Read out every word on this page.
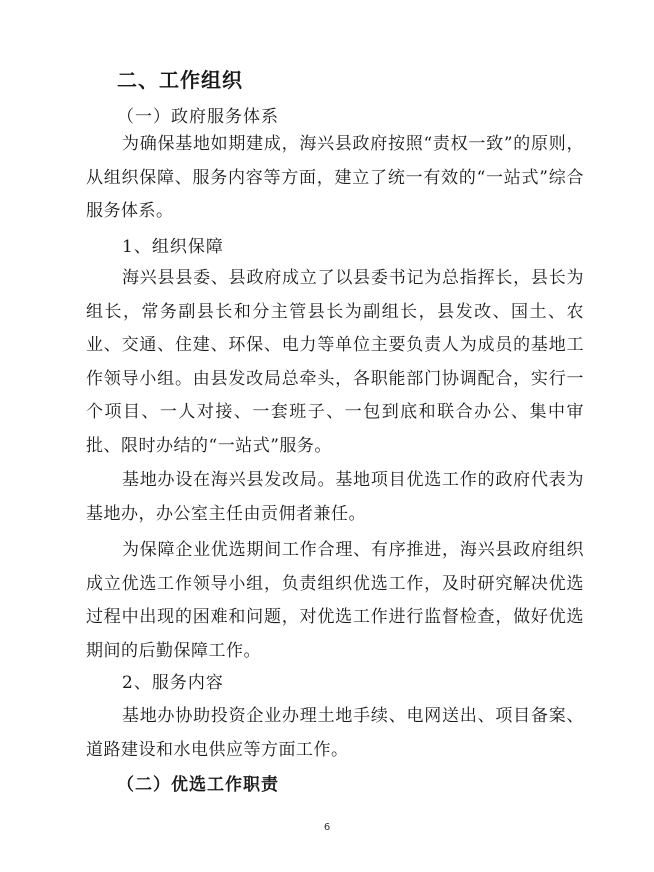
二、工作组织
（一）政府服务体系
为确保基地如期建成，海兴县政府按照“责权一致”的原则，从组织保障、服务内容等方面，建立了统一有效的“一站式”综合服务体系。
1、组织保障
海兴县县委、县政府成立了以县委书记为总指挥长，县长为组长，常务副县长和分主管县长为副组长，县发改、国土、农业、交通、住建、环保、电力等单位主要负责人为成员的基地工作领导小组。由县发改局总牵头，各职能部门协调配合，实行一个项目、一人对接、一套班子、一包到底和联合办公、集中审批、限时办结的“一站式”服务。
基地办设在海兴县发改局。基地项目优选工作的政府代表为基地办，办公室主任由贡佣者兼任。
为保障企业优选期间工作合理、有序推进，海兴县政府组织成立优选工作领导小组，负责组织优选工作，及时研究解决优选过程中出现的困难和问题，对优选工作进行监督检查，做好优选期间的后勤保障工作。
2、服务内容
基地办协助投资企业办理土地手续、电网送出、项目备案、道路建设和水电供应等方面工作。
（二）优选工作职责
6
